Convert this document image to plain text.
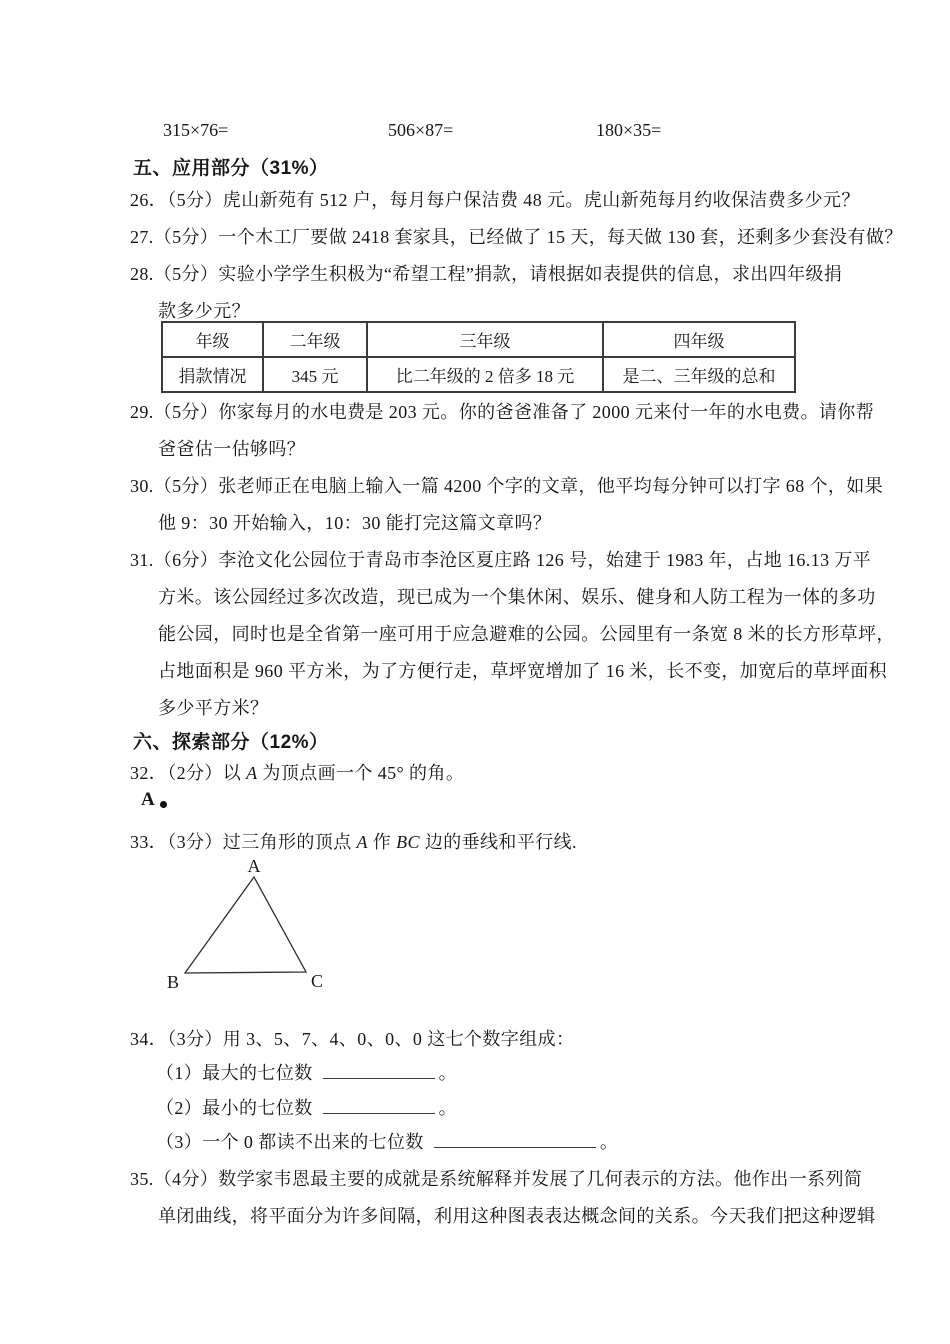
315×76=	506×87=	180×35=
五、应用部分（31%）
26．（5分）虎山新苑有 512 户，每月每户保洁费 48 元。虎山新苑每月约收保洁费多少元？
27.（5分）一个木工厂要做 2418 套家具，已经做了 15 天，每天做 130 套，还剩多少套没有做？
28.（5分）实验小学学生积极为“希望工程”捐款，请根据如表提供的信息，求出四年级捐
款多少元？
年级	二年级	三年级	四年级
捐款情况	345 元	比二年级的 2 倍多 18 元	是二、三年级的总和
29.（5分）你家每月的水电费是 203 元。你的爸爸准备了 2000 元来付一年的水电费。请你帮
爸爸估一估够吗？
30.（5分）张老师正在电脑上输入一篇 4200 个字的文章，他平均每分钟可以打字 68 个，如果
他 9：30 开始输入，10：30 能打完这篇文章吗？
31.（6分）李沧文化公园位于青岛市李沧区夏庄路 126 号，始建于 1983 年，占地 16.13 万平
方米。该公园经过多次改造，现已成为一个集休闲、娱乐、健身和人防工程为一体的多功
能公园，同时也是全省第一座可用于应急避难的公园。公园里有一条宽 8 米的长方形草坪，
占地面积是 960 平方米，为了方便行走，草坪宽增加了 16 米，长不变，加宽后的草坪面积
多少平方米？
六、探索部分（12%）
32．（2分）以 A 为顶点画一个 45° 的角。
A
33．（3分）过三角形的顶点 A 作 BC 边的垂线和平行线.
A
B	C
34．（3分）用 3、5、7、4、0、0、0 这七个数字组成：
（1）最大的七位数	。
（2）最小的七位数	。
（3）一个 0 都读不出来的七位数	。
35.（4分）数学家韦恩最主要的成就是系统解释并发展了几何表示的方法。他作出一系列简
单闭曲线，将平面分为许多间隔，利用这种图表表达概念间的关系。今天我们把这种逻辑
